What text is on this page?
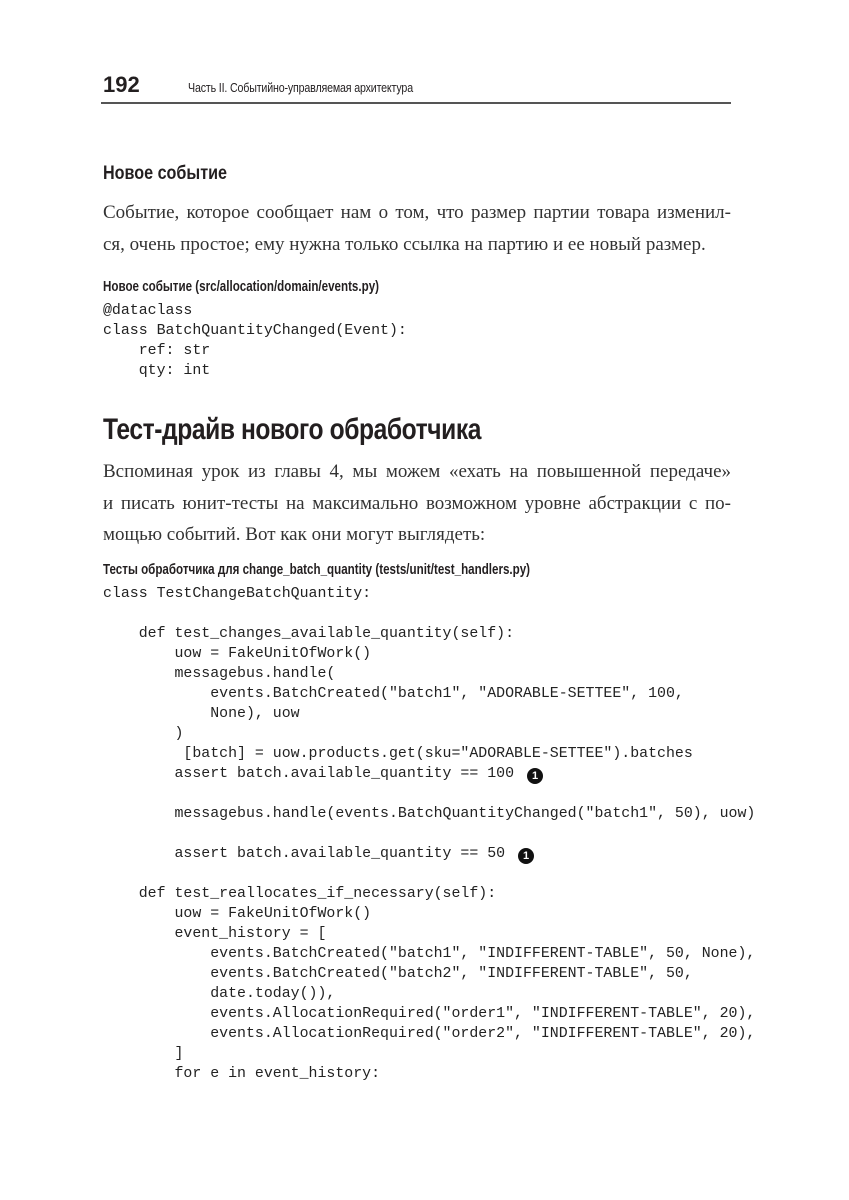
192	Часть II. Событийно-управляемая архитектура
Новое событие
Событие, которое сообщает нам о том, что размер партии товара изменил-
ся, очень простое; ему нужна только ссылка на партию и ее новый размер.
Новое событие (src/allocation/domain/events.py)
@dataclass
class BatchQuantityChanged(Event):
ref: str
qty: int
Тест-драйв нового обработчика
Вспоминая урок из главы 4, мы можем «ехать на повышенной передаче»
и писать юнит-тесты на максимально возможном уровне абстракции с по-
мощью событий. Вот как они могут выглядеть:
Тесты обработчика для change_batch_quantity (tests/unit/test_handlers.py)
class TestChangeBatchQuantity:
def test_changes_available_quantity(self):
uow = FakeUnitOfWork()
messagebus.handle(
events.BatchCreated("batch1", "ADORABLE-SETTEE", 100,
None), uow
)
[batch] = uow.products.get(sku="ADORABLE-SETTEE").batches
assert batch.available_quantity == 100 1
messagebus.handle(events.BatchQuantityChanged("batch1", 50), uow)
assert batch.available_quantity == 50 1
def test_reallocates_if_necessary(self):
uow = FakeUnitOfWork()
event_history = [
events.BatchCreated("batch1", "INDIFFERENT-TABLE", 50, None),
events.BatchCreated("batch2", "INDIFFERENT-TABLE", 50,
date.today()),
events.AllocationRequired("order1", "INDIFFERENT-TABLE", 20),
events.AllocationRequired("order2", "INDIFFERENT-TABLE", 20),
]
for e in event_history:
